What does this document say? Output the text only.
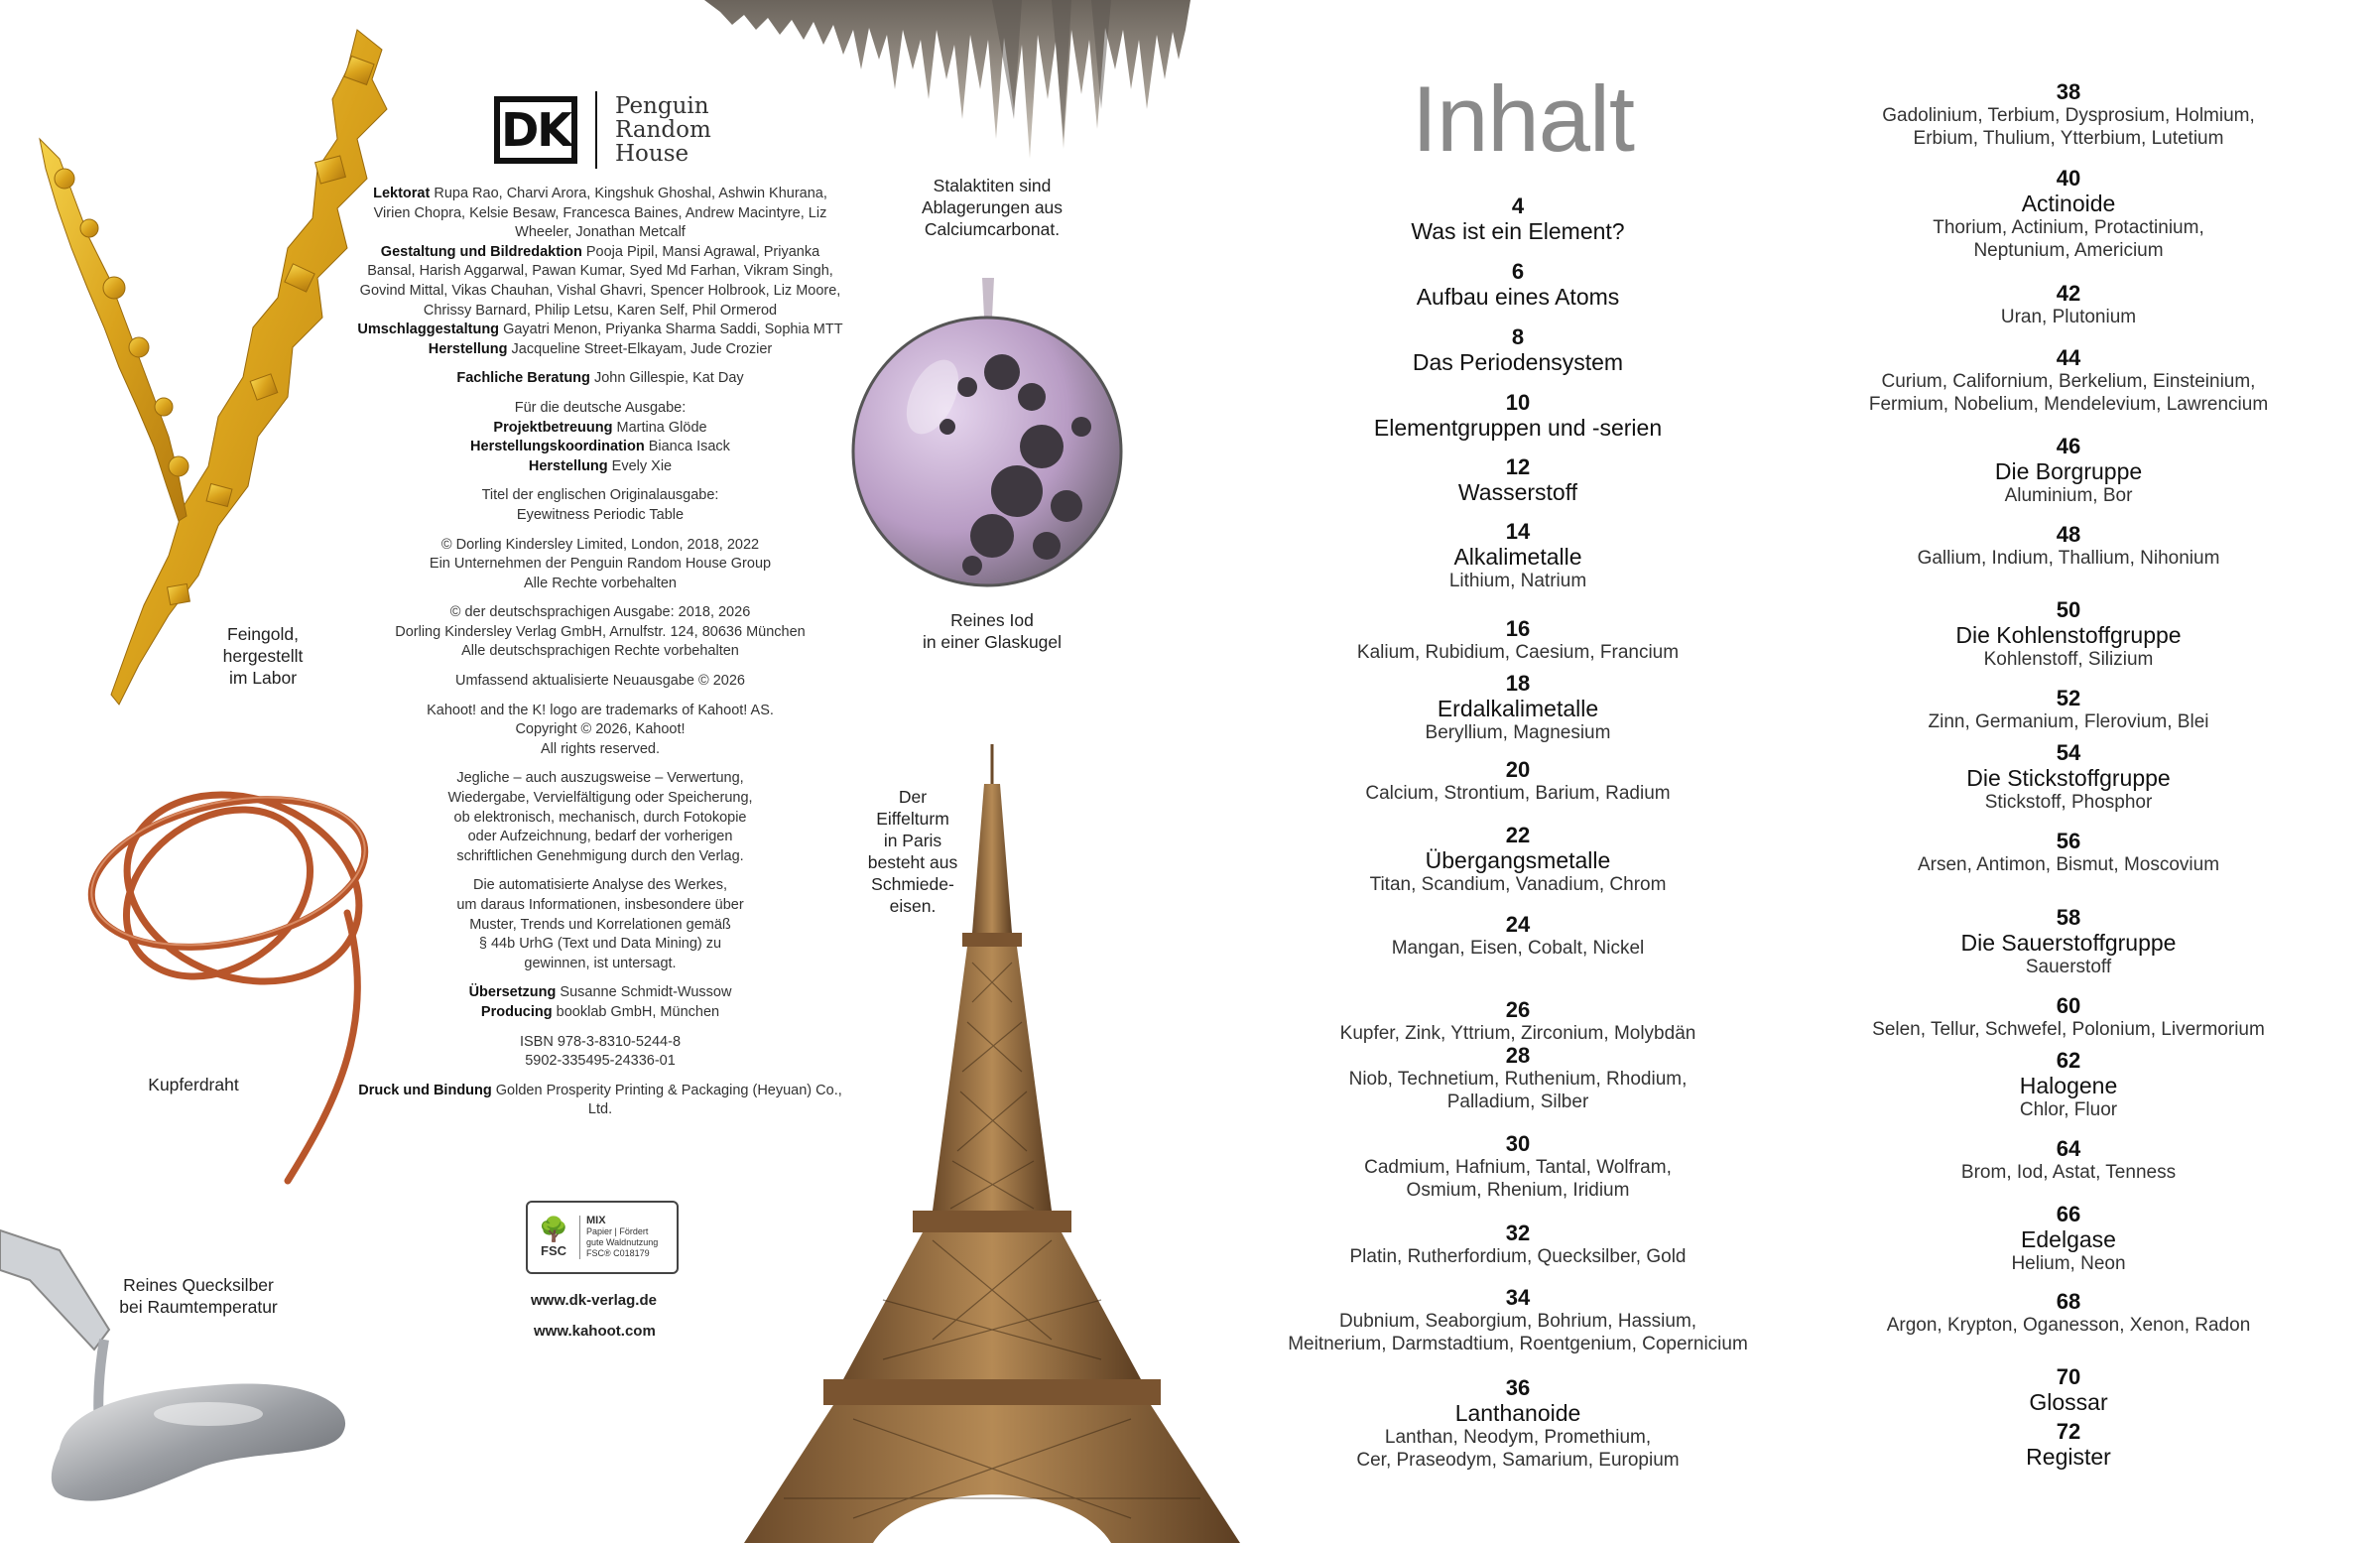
DK	Penguin
Random
House

Lektorat Rupa Rao, Charvi Arora, Kingshuk Ghoshal, Ashwin Khurana, Virien Chopra, Kelsie Besaw, Francesca Baines, Andrew Macintyre, Liz Wheeler, Jonathan Metcalf
Gestaltung und Bildredaktion Pooja Pipil, Mansi Agrawal, Priyanka Bansal, Harish Aggarwal, Pawan Kumar, Syed Md Farhan, Vikram Singh, Govind Mittal, Vikas Chauhan, Vishal Ghavri, Spencer Holbrook, Liz Moore, Chrissy Barnard, Philip Letsu, Karen Self, Phil Ormerod
Umschlaggestaltung Gayatri Menon, Priyanka Sharma Saddi, Sophia MTT
Herstellung Jacqueline Street-Elkayam, Jude Crozier

Fachliche Beratung John Gillespie, Kat Day

Für die deutsche Ausgabe:
Projektbetreuung Martina Glöde
Herstellungskoordination Bianca Isack
Herstellung Evely Xie

Titel der englischen Originalausgabe:
Eyewitness Periodic Table

© Dorling Kindersley Limited, London, 2018, 2022
Ein Unternehmen der Penguin Random House Group
Alle Rechte vorbehalten

© der deutschsprachigen Ausgabe: 2018, 2026
Dorling Kindersley Verlag GmbH, Arnulfstr. 124, 80636 München
Alle deutschsprachigen Rechte vorbehalten

Umfassend aktualisierte Neuausgabe © 2026

Kahoot! and the K! logo are trademarks of Kahoot! AS.
Copyright © 2026, Kahoot!
All rights reserved.

Jegliche – auch auszugsweise – Verwertung,
Wiedergabe, Vervielfältigung oder Speicherung,
ob elektronisch, mechanisch, durch Fotokopie
oder Aufzeichnung, bedarf der vorherigen
schriftlichen Genehmigung durch den Verlag.

Die automatisierte Analyse des Werkes,
um daraus Informationen, insbesondere über
Muster, Trends und Korrelationen gemäß
§ 44b UrhG (Text und Data Mining) zu
gewinnen, ist untersagt.

Übersetzung Susanne Schmidt-Wussow
Producing booklab GmbH, München

ISBN 978-3-8310-5244-8
5902-335495-24336-01

Druck und Bindung Golden Prosperity Printing & Packaging (Heyuan) Co., Ltd.

🌳
FSC
MIX
Papier | Fördert
gute Waldnutzung
FSC® C018179
www.dk-verlag.de
www.kahoot.com
Feingold,
hergestellt
im Labor
Kupferdraht
Reines Quecksilber
bei Raumtemperatur
Stalaktiten sind
Ablagerungen aus
Calciumcarbonat.
Reines Iod
in einer Glaskugel
Der
Eiffelturm
in Paris
besteht aus
Schmiede-
eisen.
Inhalt
4
Was ist ein Element?
6
Aufbau eines Atoms
8
Das Periodensystem
10
Elementgruppen und -serien
12
Wasserstoff
14
Alkalimetalle
Lithium, Natrium
16
Kalium, Rubidium, Caesium, Francium
18
Erdalkalimetalle
Beryllium, Magnesium
20
Calcium, Strontium, Barium, Radium
22
Übergangsmetalle
Titan, Scandium, Vanadium, Chrom
24
Mangan, Eisen, Cobalt, Nickel
26
Kupfer, Zink, Yttrium, Zirconium, Molybdän
28
Niob, Technetium, Ruthenium, Rhodium,
Palladium, Silber
30
Cadmium, Hafnium, Tantal, Wolfram,
Osmium, Rhenium, Iridium
32
Platin, Rutherfordium, Quecksilber, Gold
34
Dubnium, Seaborgium, Bohrium, Hassium,
Meitnerium, Darmstadtium, Roentgenium, Copernicium
36
Lanthanoide
Lanthan, Neodym, Promethium,
Cer, Praseodym, Samarium, Europium
38
Gadolinium, Terbium, Dysprosium, Holmium,
Erbium, Thulium, Ytterbium, Lutetium
40
Actinoide
Thorium, Actinium, Protactinium,
Neptunium, Americium
42
Uran, Plutonium
44
Curium, Californium, Berkelium, Einsteinium,
Fermium, Nobelium, Mendelevium, Lawrencium
46
Die Borgruppe
Aluminium, Bor
48
Gallium, Indium, Thallium, Nihonium
50
Die Kohlenstoffgruppe
Kohlenstoff, Silizium
52
Zinn, Germanium, Flerovium, Blei
54
Die Stickstoffgruppe
Stickstoff, Phosphor
56
Arsen, Antimon, Bismut, Moscovium
58
Die Sauerstoffgruppe
Sauerstoff
60
Selen, Tellur, Schwefel, Polonium, Livermorium
62
Halogene
Chlor, Fluor
64
Brom, Iod, Astat, Tenness
66
Edelgase
Helium, Neon
68
Argon, Krypton, Oganesson, Xenon, Radon
70
Glossar
72
Register
